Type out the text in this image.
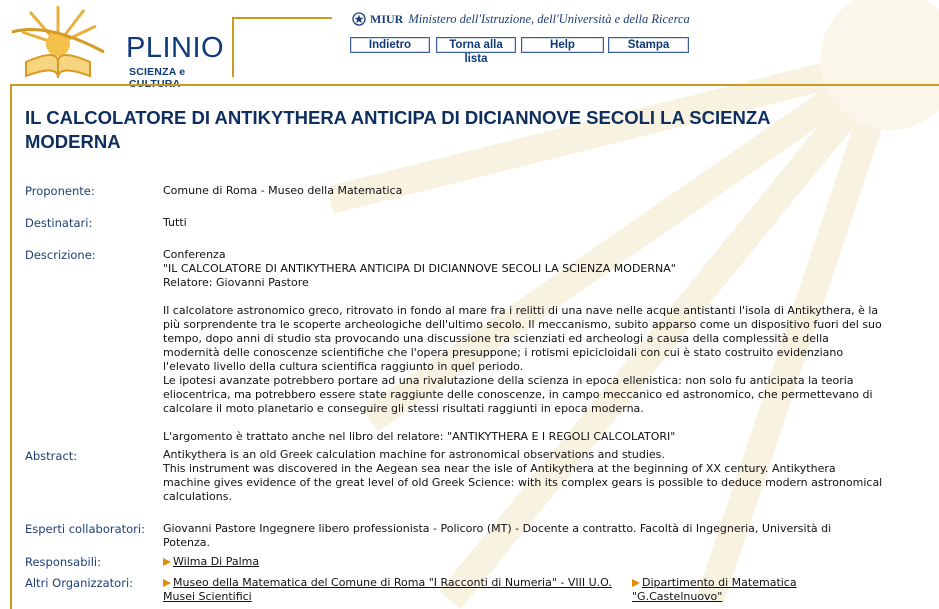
PLINIO
SCIENZA e
MIUR Ministero dell'Istruzione, dell'Università e della Ricerca
Indietro	Torna alla lista
Help	Stampa
IL CALCOLATORE DI ANTIKYTHERA ANTICIPA DI DICIANNOVE SECOLI LA SCIENZA MODERNA
Proponente:	Comune di Roma - Museo della Matematica
Destinatari:	Tutti
Descrizione:	Conferenza

"IL CALCOLATORE DI ANTIKYTHERA ANTICIPA DI DICIANNOVE SECOLI LA SCIENZA MODERNA"

Relatore: Giovanni Pastore

Il calcolatore astronomico greco, ritrovato in fondo al mare fra i relitti di una nave nelle acque antistanti l'isola di Antikythera, è la più sorprendente tra le scoperte archeologiche dell'ultimo secolo. Il meccanismo, subito apparso come un dispositivo fuori del suo tempo, dopo anni di studio sta provocando una discussione tra scienziati ed archeologi a causa della complessità e della modernità delle conoscenze scientifiche che l'opera presuppone; i rotismi epicicloidali con cui è stato costruito evidenziano l'elevato livello della cultura scientifica raggiunto in quel periodo.

Le ipotesi avanzate potrebbero portare ad una rivalutazione della scienza in epoca ellenistica: non solo fu anticipata la teoria eliocentrica, ma potrebbero essere state raggiunte delle conoscenze, in campo meccanico ed astronomico, che permettevano di calcolare il moto planetario e conseguire gli stessi risultati raggiunti in epoca moderna.

L'argomento è trattato anche nel libro del relatore: "ANTIKYTHERA E I REGOLI CALCOLATORI"

Abstract:	Antikythera is an old Greek calculation machine for astronomical observations and studies.

This instrument was discovered in the Aegean sea near the isle of Antikythera at the beginning of XX century. Antikythera machine gives evidence of the great level of old Greek Science: with its complex gears is possible to deduce modern astronomical calculations.

Esperti collaboratori: Giovanni Pastore Ingegnere libero professionista - Policoro (MT) - Docente a contratto. Facoltà di Ingegneria, Università di Potenza.
Responsabili:	Wilma Di Palma
Altri Organizzatori:	Museo della Matematica del Comune di Roma "I Racconti di Numeria" - VIII U.O.
Musei Scientifici
Dipartimento di Matematica
"G.Castelnuovo"
